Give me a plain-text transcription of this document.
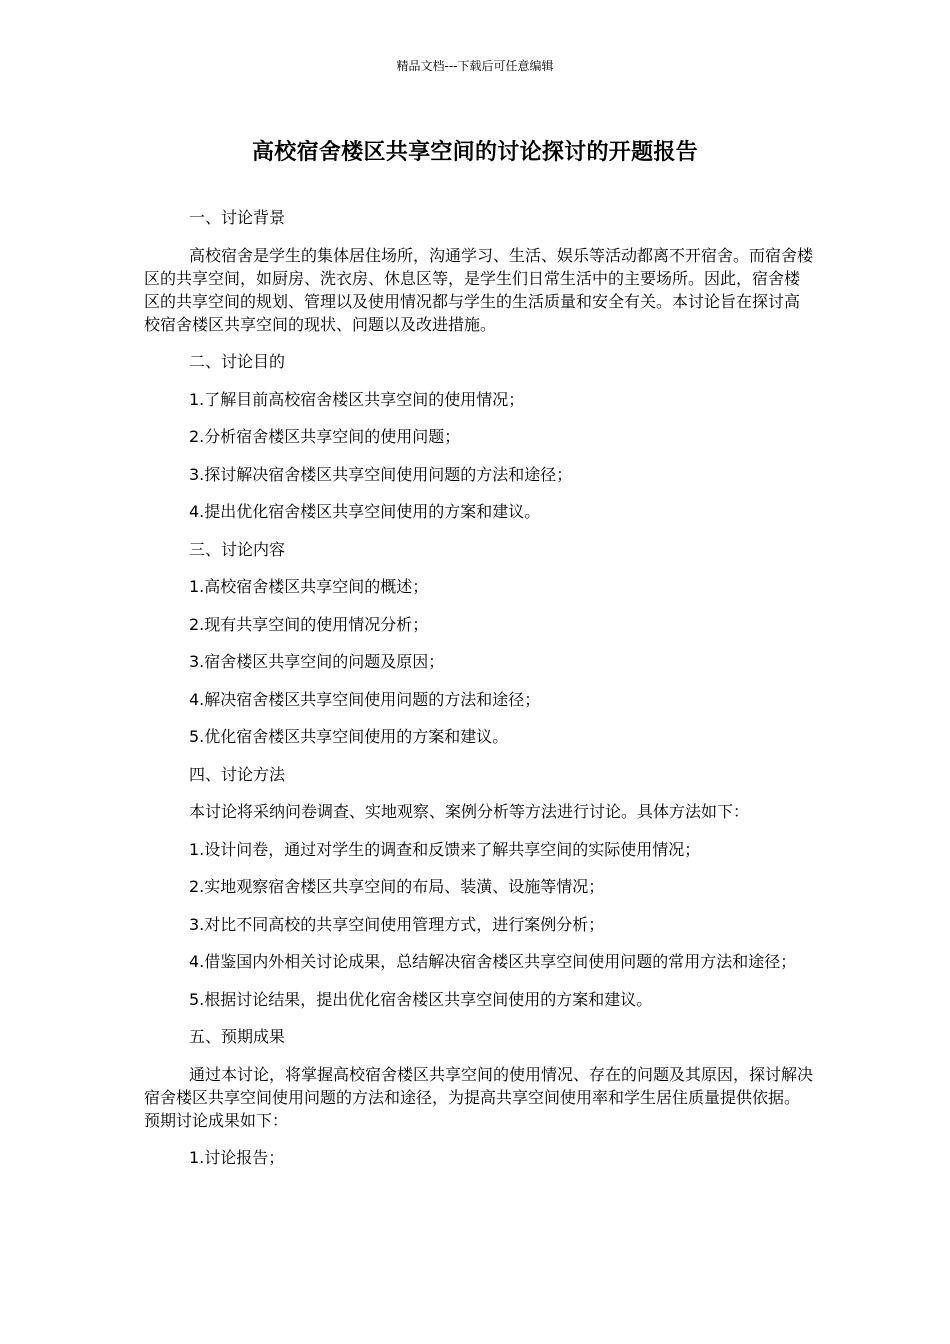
精品文档---下载后可任意编辑
高校宿舍楼区共享空间的讨论探讨的开题报告

一、讨论背景

高校宿舍是学生的集体居住场所，沟通学习、生活、娱乐等活动都离不开宿舍。而宿舍楼区的共享空间，如厨房、洗衣房、休息区等，是学生们日常生活中的主要场所。因此，宿舍楼区的共享空间的规划、管理以及使用情况都与学生的生活质量和安全有关。本讨论旨在探讨高校宿舍楼区共享空间的现状、问题以及改进措施。

二、讨论目的

1.了解目前高校宿舍楼区共享空间的使用情况；

2.分析宿舍楼区共享空间的使用问题；

3.探讨解决宿舍楼区共享空间使用问题的方法和途径；

4.提出优化宿舍楼区共享空间使用的方案和建议。

三、讨论内容

1.高校宿舍楼区共享空间的概述；

2.现有共享空间的使用情况分析；

3.宿舍楼区共享空间的问题及原因；

4.解决宿舍楼区共享空间使用问题的方法和途径；

5.优化宿舍楼区共享空间使用的方案和建议。

四、讨论方法

本讨论将采纳问卷调查、实地观察、案例分析等方法进行讨论。具体方法如下：

1.设计问卷，通过对学生的调查和反馈来了解共享空间的实际使用情况；

2.实地观察宿舍楼区共享空间的布局、装潢、设施等情况；

3.对比不同高校的共享空间使用管理方式，进行案例分析；

4.借鉴国内外相关讨论成果，总结解决宿舍楼区共享空间使用问题的常用方法和途径；

5.根据讨论结果，提出优化宿舍楼区共享空间使用的方案和建议。

五、预期成果

通过本讨论，将掌握高校宿舍楼区共享空间的使用情况、存在的问题及其原因，探讨解决宿舍楼区共享空间使用问题的方法和途径，为提高共享空间使用率和学生居住质量提供依据。预期讨论成果如下：

1.讨论报告；
